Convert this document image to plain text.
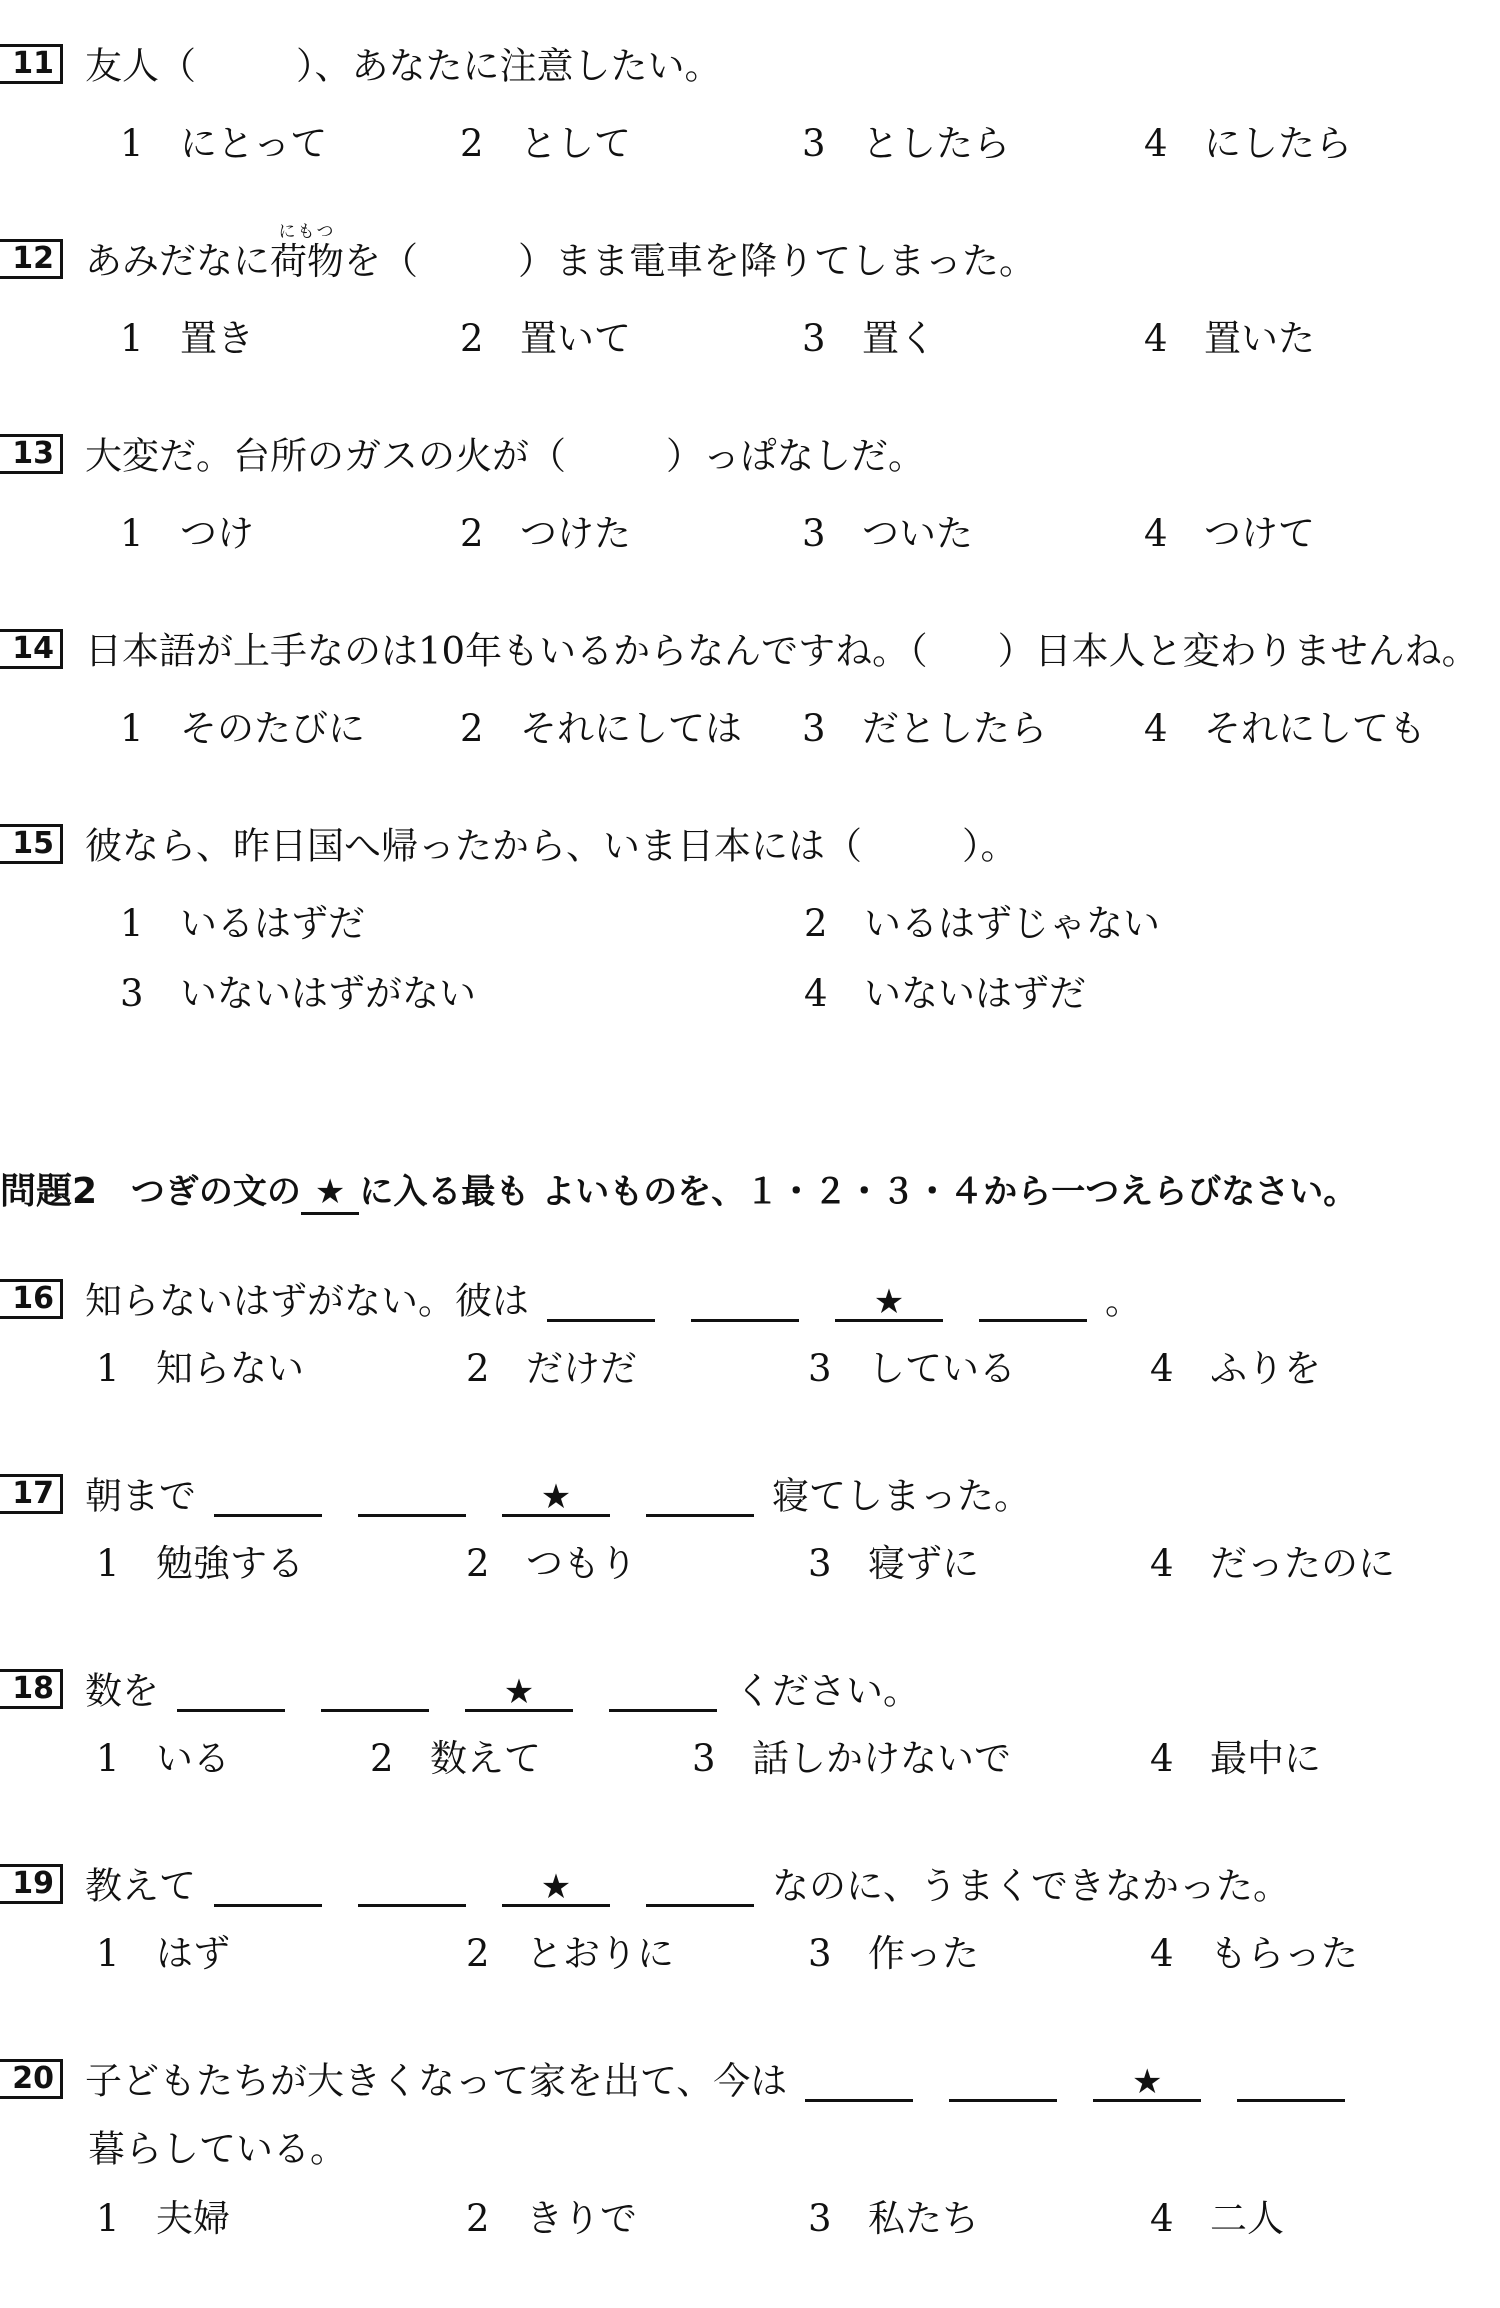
11 友人（	）、あなたに注意したい。
1 にとって	2 として	3 としたら	4 にしたら
12 あみだなに
にもつ
荷物を（	）まま電車を降りてしまった。
1 置き	2 置いて	3 置く	4 置いた
13 大変だ。台所のガスの火が（	）っぱなしだ。
1 つけ	2 つけた	3 ついた	4 つけて
14 日本語が上手なのは10年もいるからなんですね。（ ）日本人と変わりませんね。
1 そのたびに	2 それにしては 3 だとしたら	4 それにしても
15 彼なら、昨日国へ帰ったから、いま日本には（	）。
1 いるはずだ	2 いるはずじゃない
3 いないはずがない	4 いないはずだ
問題2 つぎの文の ★ に入る最も よいものを、１・２・３・４から一つえらびなさい。
16 知らないはずがない。彼は	★	。
1 知らない	2 だけだ	3 している	4 ふりを
17 朝まで	★	寝てしまった。
1 勉強する	2 つもり	3 寝ずに	4 だったのに
18 数を	★	ください。
1 いる	2 数えて	3 話しかけないで	4 最中に
19 教えて	★	なのに、うまくできなかった。
1 はず	2 とおりに	3 作った	4 もらった
20 子どもたちが大きくなって家を出て、今は	★
暮らしている。
1 夫婦	2 きりで	3 私たち	4 二人
